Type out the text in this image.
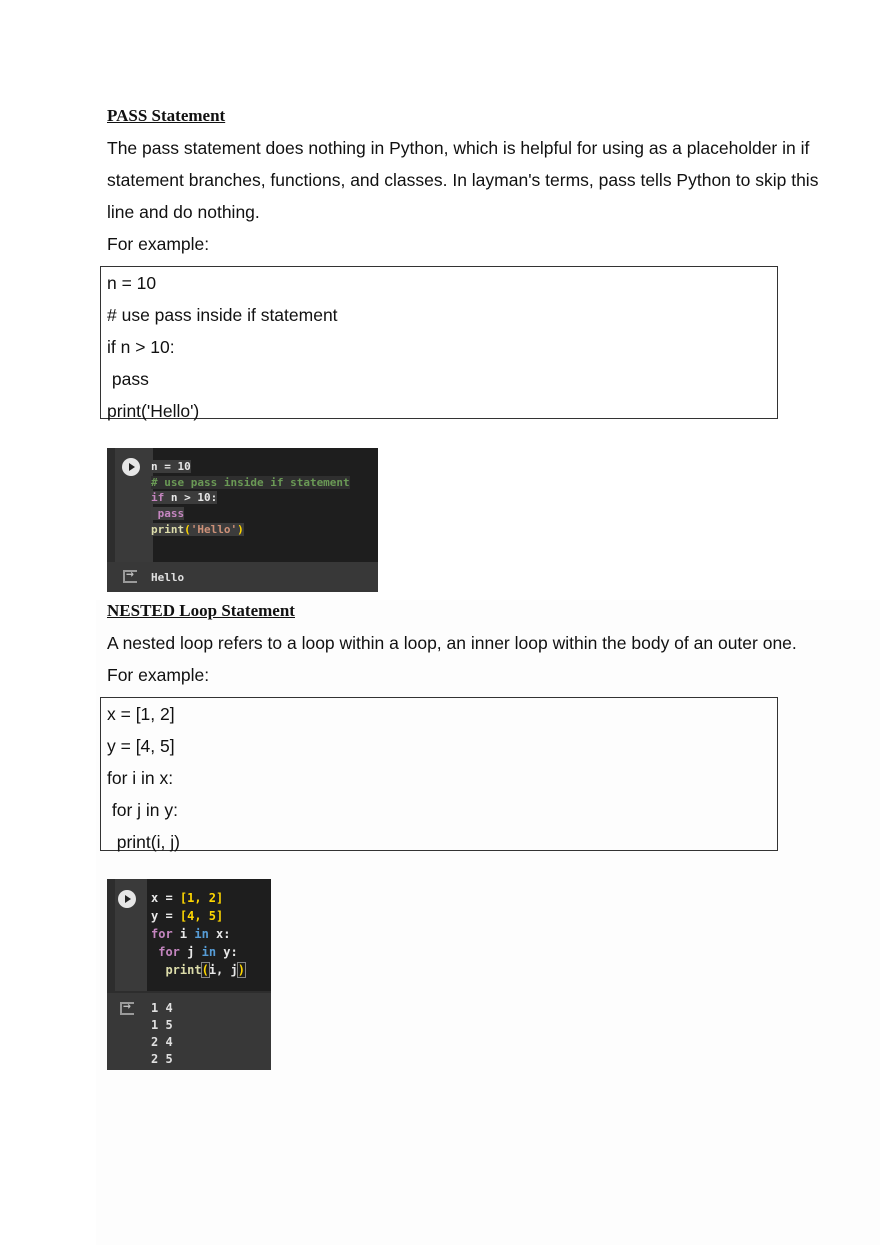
PASS Statement
The pass statement does nothing in Python, which is helpful for using as a placeholder in if
statement branches, functions, and classes. In layman's terms, pass tells Python to skip this
line and do nothing.
For example:
n = 10
# use pass inside if statement
if n > 10:
pass
print('Hello')
n = 10
# use pass inside if statement
if n > 10:
pass
print('Hello')
→
Hello
NESTED Loop Statement
A nested loop refers to a loop within a loop, an inner loop within the body of an outer one.
For example:
x = [1, 2]
y = [4, 5]
for i in x:
for j in y:
print(i, j)
x = [1, 2]
y = [4, 5]
for i in x:
for j in y:
print(i, j)
→
1 4
1 5
2 4
2 5
